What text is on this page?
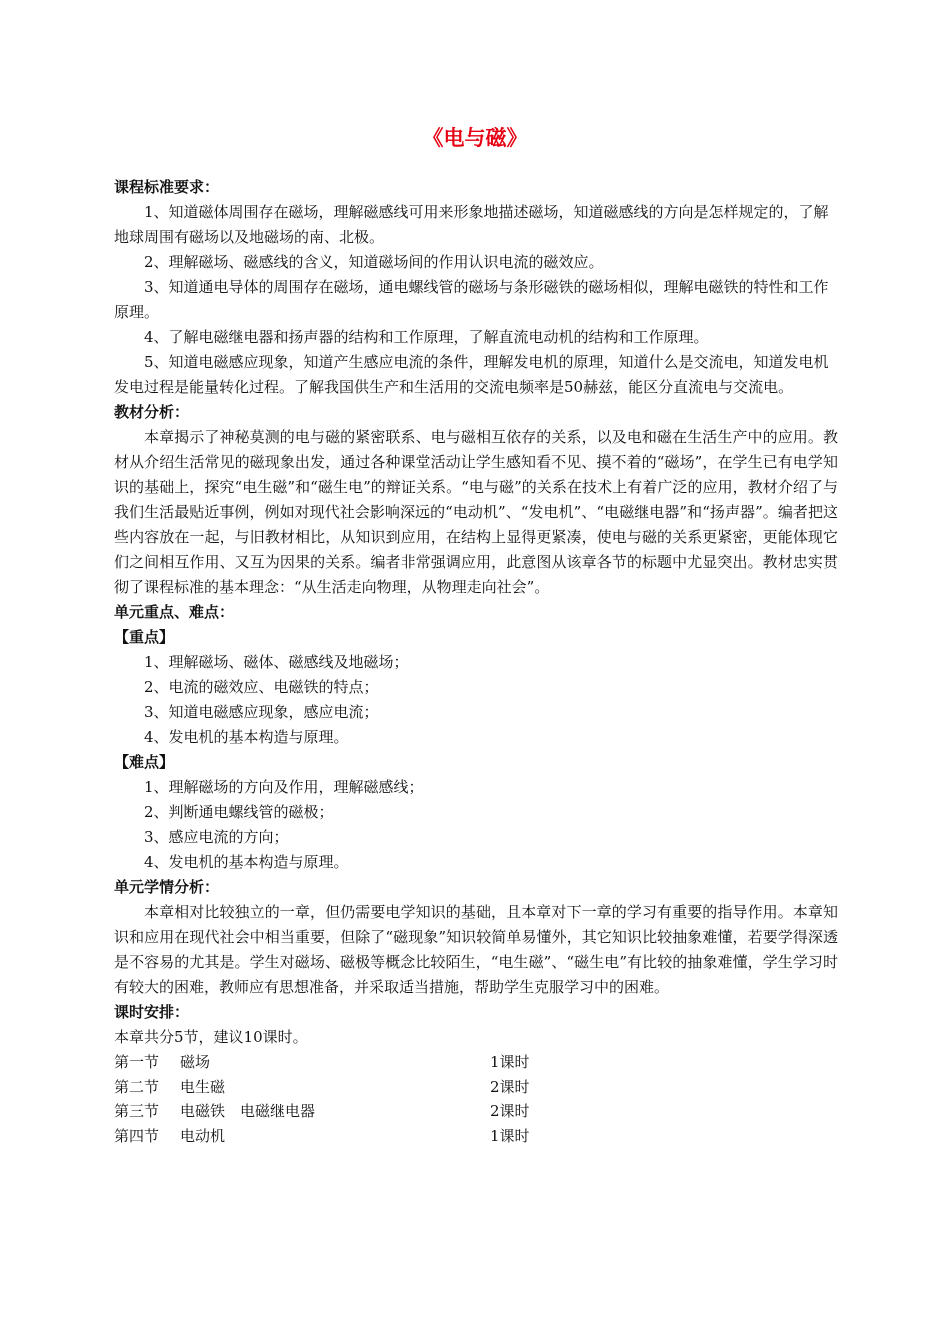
《电与磁》

课程标准要求：

1、知道磁体周围存在磁场，理解磁感线可用来形象地描述磁场，知道磁感线的方向是怎样规定的，了解地球周围有磁场以及地磁场的南、北极。

2、理解磁场、磁感线的含义，知道磁场间的作用认识电流的磁效应。

3、知道通电导体的周围存在磁场，通电螺线管的磁场与条形磁铁的磁场相似，理解电磁铁的特性和工作原理。

4、了解电磁继电器和扬声器的结构和工作原理，了解直流电动机的结构和工作原理。

5、知道电磁感应现象，知道产生感应电流的条件，理解发电机的原理，知道什么是交流电，知道发电机发电过程是能量转化过程。了解我国供生产和生活用的交流电频率是50赫兹，能区分直流电与交流电。

教材分析：

本章揭示了神秘莫测的电与磁的紧密联系、电与磁相互依存的关系，以及电和磁在生活生产中的应用。教材从介绍生活常见的磁现象出发，通过各种课堂活动让学生感知看不见、摸不着的“磁场”，在学生已有电学知识的基础上，探究“电生磁”和“磁生电”的辩证关系。“电与磁”的关系在技术上有着广泛的应用，教材介绍了与我们生活最贴近事例，例如对现代社会影响深远的“电动机”、“发电机”、“电磁继电器”和“扬声器”。编者把这些内容放在一起，与旧教材相比，从知识到应用，在结构上显得更紧凑，使电与磁的关系更紧密，更能体现它们之间相互作用、又互为因果的关系。编者非常强调应用，此意图从该章各节的标题中尤显突出。教材忠实贯彻了课程标准的基本理念：“从生活走向物理，从物理走向社会”。

单元重点、难点：

【重点】

1、理解磁场、磁体、磁感线及地磁场；

2、电流的磁效应、电磁铁的特点；

3、知道电磁感应现象，感应电流；

4、发电机的基本构造与原理。

【难点】

1、理解磁场的方向及作用，理解磁感线；

2、判断通电螺线管的磁极；

3、感应电流的方向；

4、发电机的基本构造与原理。

单元学情分析：

本章相对比较独立的一章，但仍需要电学知识的基础，且本章对下一章的学习有重要的指导作用。本章知识和应用在现代社会中相当重要，但除了“磁现象”知识较简单易懂外，其它知识比较抽象难懂，若要学得深透是不容易的尤其是。学生对磁场、磁极等概念比较陌生，“电生磁”、“磁生电”有比较的抽象难懂，学生学习时有较大的困难，教师应有思想准备，并采取适当措施，帮助学生克服学习中的困难。

课时安排：

本章共分5节，建议10课时。

第一节 磁场	1课时
第二节 电生磁	2课时
第三节 电磁铁　电磁继电器	2课时
第四节 电动机	1课时
